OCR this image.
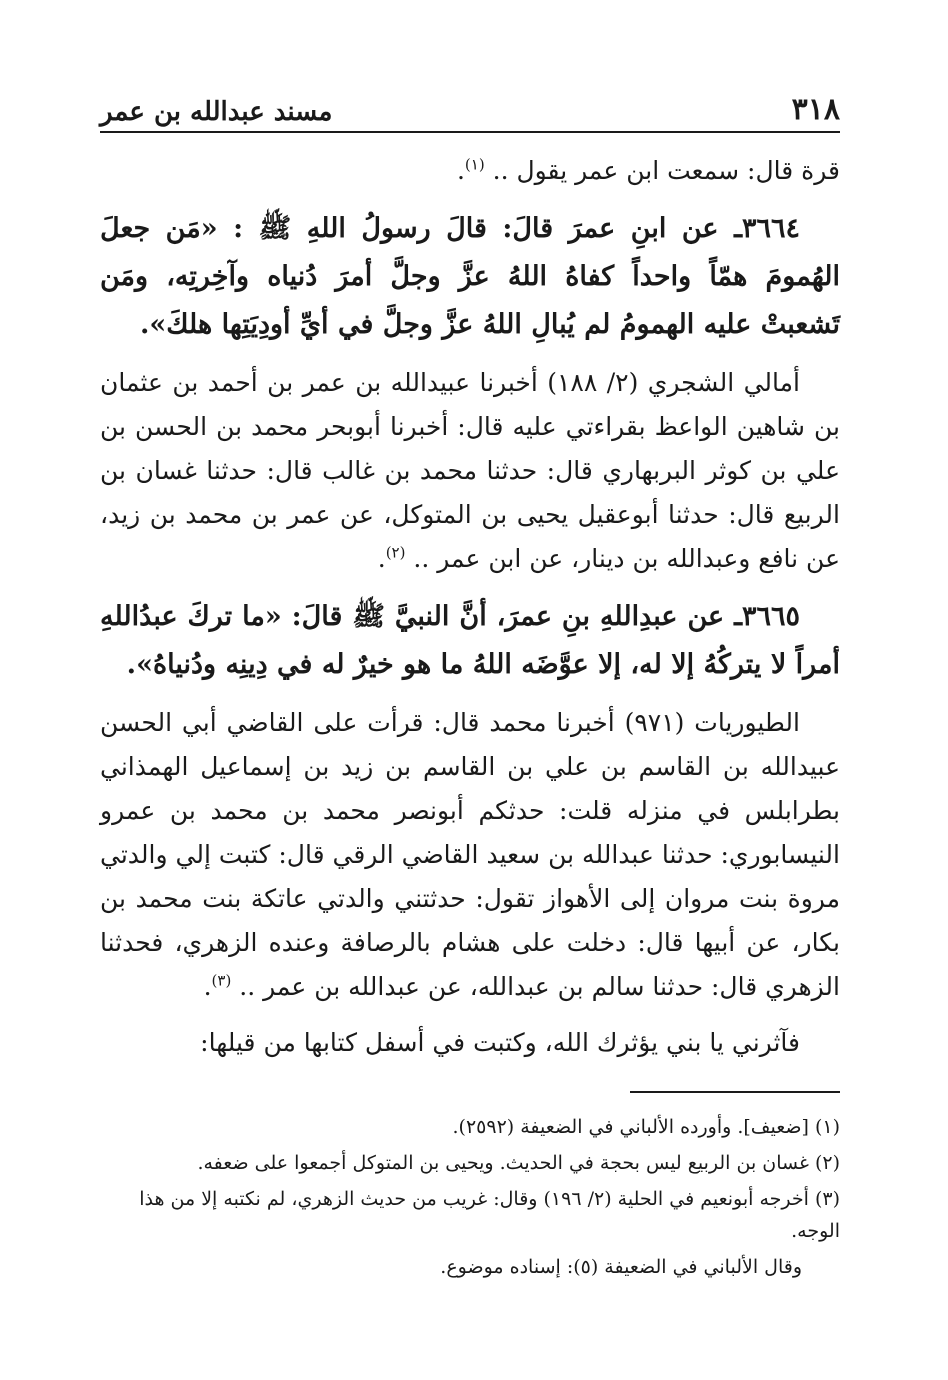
٣١٨
مسند عبدالله بن عمر

قرة قال: سمعت ابن عمر يقول .. $^{(١)}$.

٣٦٦٤ـ عن ابنِ عمرَ قالَ: قالَ رسولُ اللهِ ﷺ : «مَن جعلَ الهُمومَ همّاً واحداً كفاهُ اللهُ عزَّ وجلَّ أمرَ دُنياه وآخِرتِه، ومَن تَشعبتْ عليه الهمومُ لم يُبالِ اللهُ عزَّ وجلَّ في أيِّ أودِيَتِها هلكَ».

أمالي الشجري (٢/ ١٨٨) أخبرنا عبيدالله بن عمر بن أحمد بن عثمان بن شاهين الواعظ بقراءتي عليه قال: أخبرنا أبوبحر محمد بن الحسن بن علي بن كوثر البربهاري قال: حدثنا محمد بن غالب قال: حدثنا غسان بن الربيع قال: حدثنا أبوعقيل يحيى بن المتوكل، عن عمر بن محمد بن زيد، عن نافع وعبدالله بن دينار، عن ابن عمر .. $^{(٢)}$.

٣٦٦٥ـ عن عبدِاللهِ بنِ عمرَ، أنَّ النبيَّ ﷺ قالَ: «ما تركَ عبدُاللهِ أمراً لا يتركُهُ إلا له، إلا عوَّضَه اللهُ ما هو خيرٌ له في دِينِه ودُنياهُ».

الطيوريات (٩٧١) أخبرنا محمد قال: قرأت على القاضي أبي الحسن عبيدالله بن القاسم بن علي بن القاسم بن زيد بن إسماعيل الهمذاني بطرابلس في منزله قلت: حدثكم أبونصر محمد بن محمد بن عمرو النيسابوري: حدثنا عبدالله بن سعيد القاضي الرقي قال: كتبت إلي والدتي مروة بنت مروان إلى الأهواز تقول: حدثتني والدتي عاتكة بنت محمد بن بكار، عن أبيها قال: دخلت على هشام بالرصافة وعنده الزهري، فحدثنا الزهري قال: حدثنا سالم بن عبدالله، عن عبدالله بن عمر .. $^{(٣)}$.

فآثرني يا بني يؤثرك الله، وكتبت في أسفل كتابها من قيلها:

(١) [ضعيف]. وأورده الألباني في الضعيفة (٢٥٩٢).

(٢) غسان بن الربيع ليس بحجة في الحديث. ويحيى بن المتوكل أجمعوا على ضعفه.

(٣) أخرجه أبونعيم في الحلية (٢/ ١٩٦) وقال: غريب من حديث الزهري، لم نكتبه إلا من هذا الوجه.

وقال الألباني في الضعيفة (٥): إسناده موضوع.
